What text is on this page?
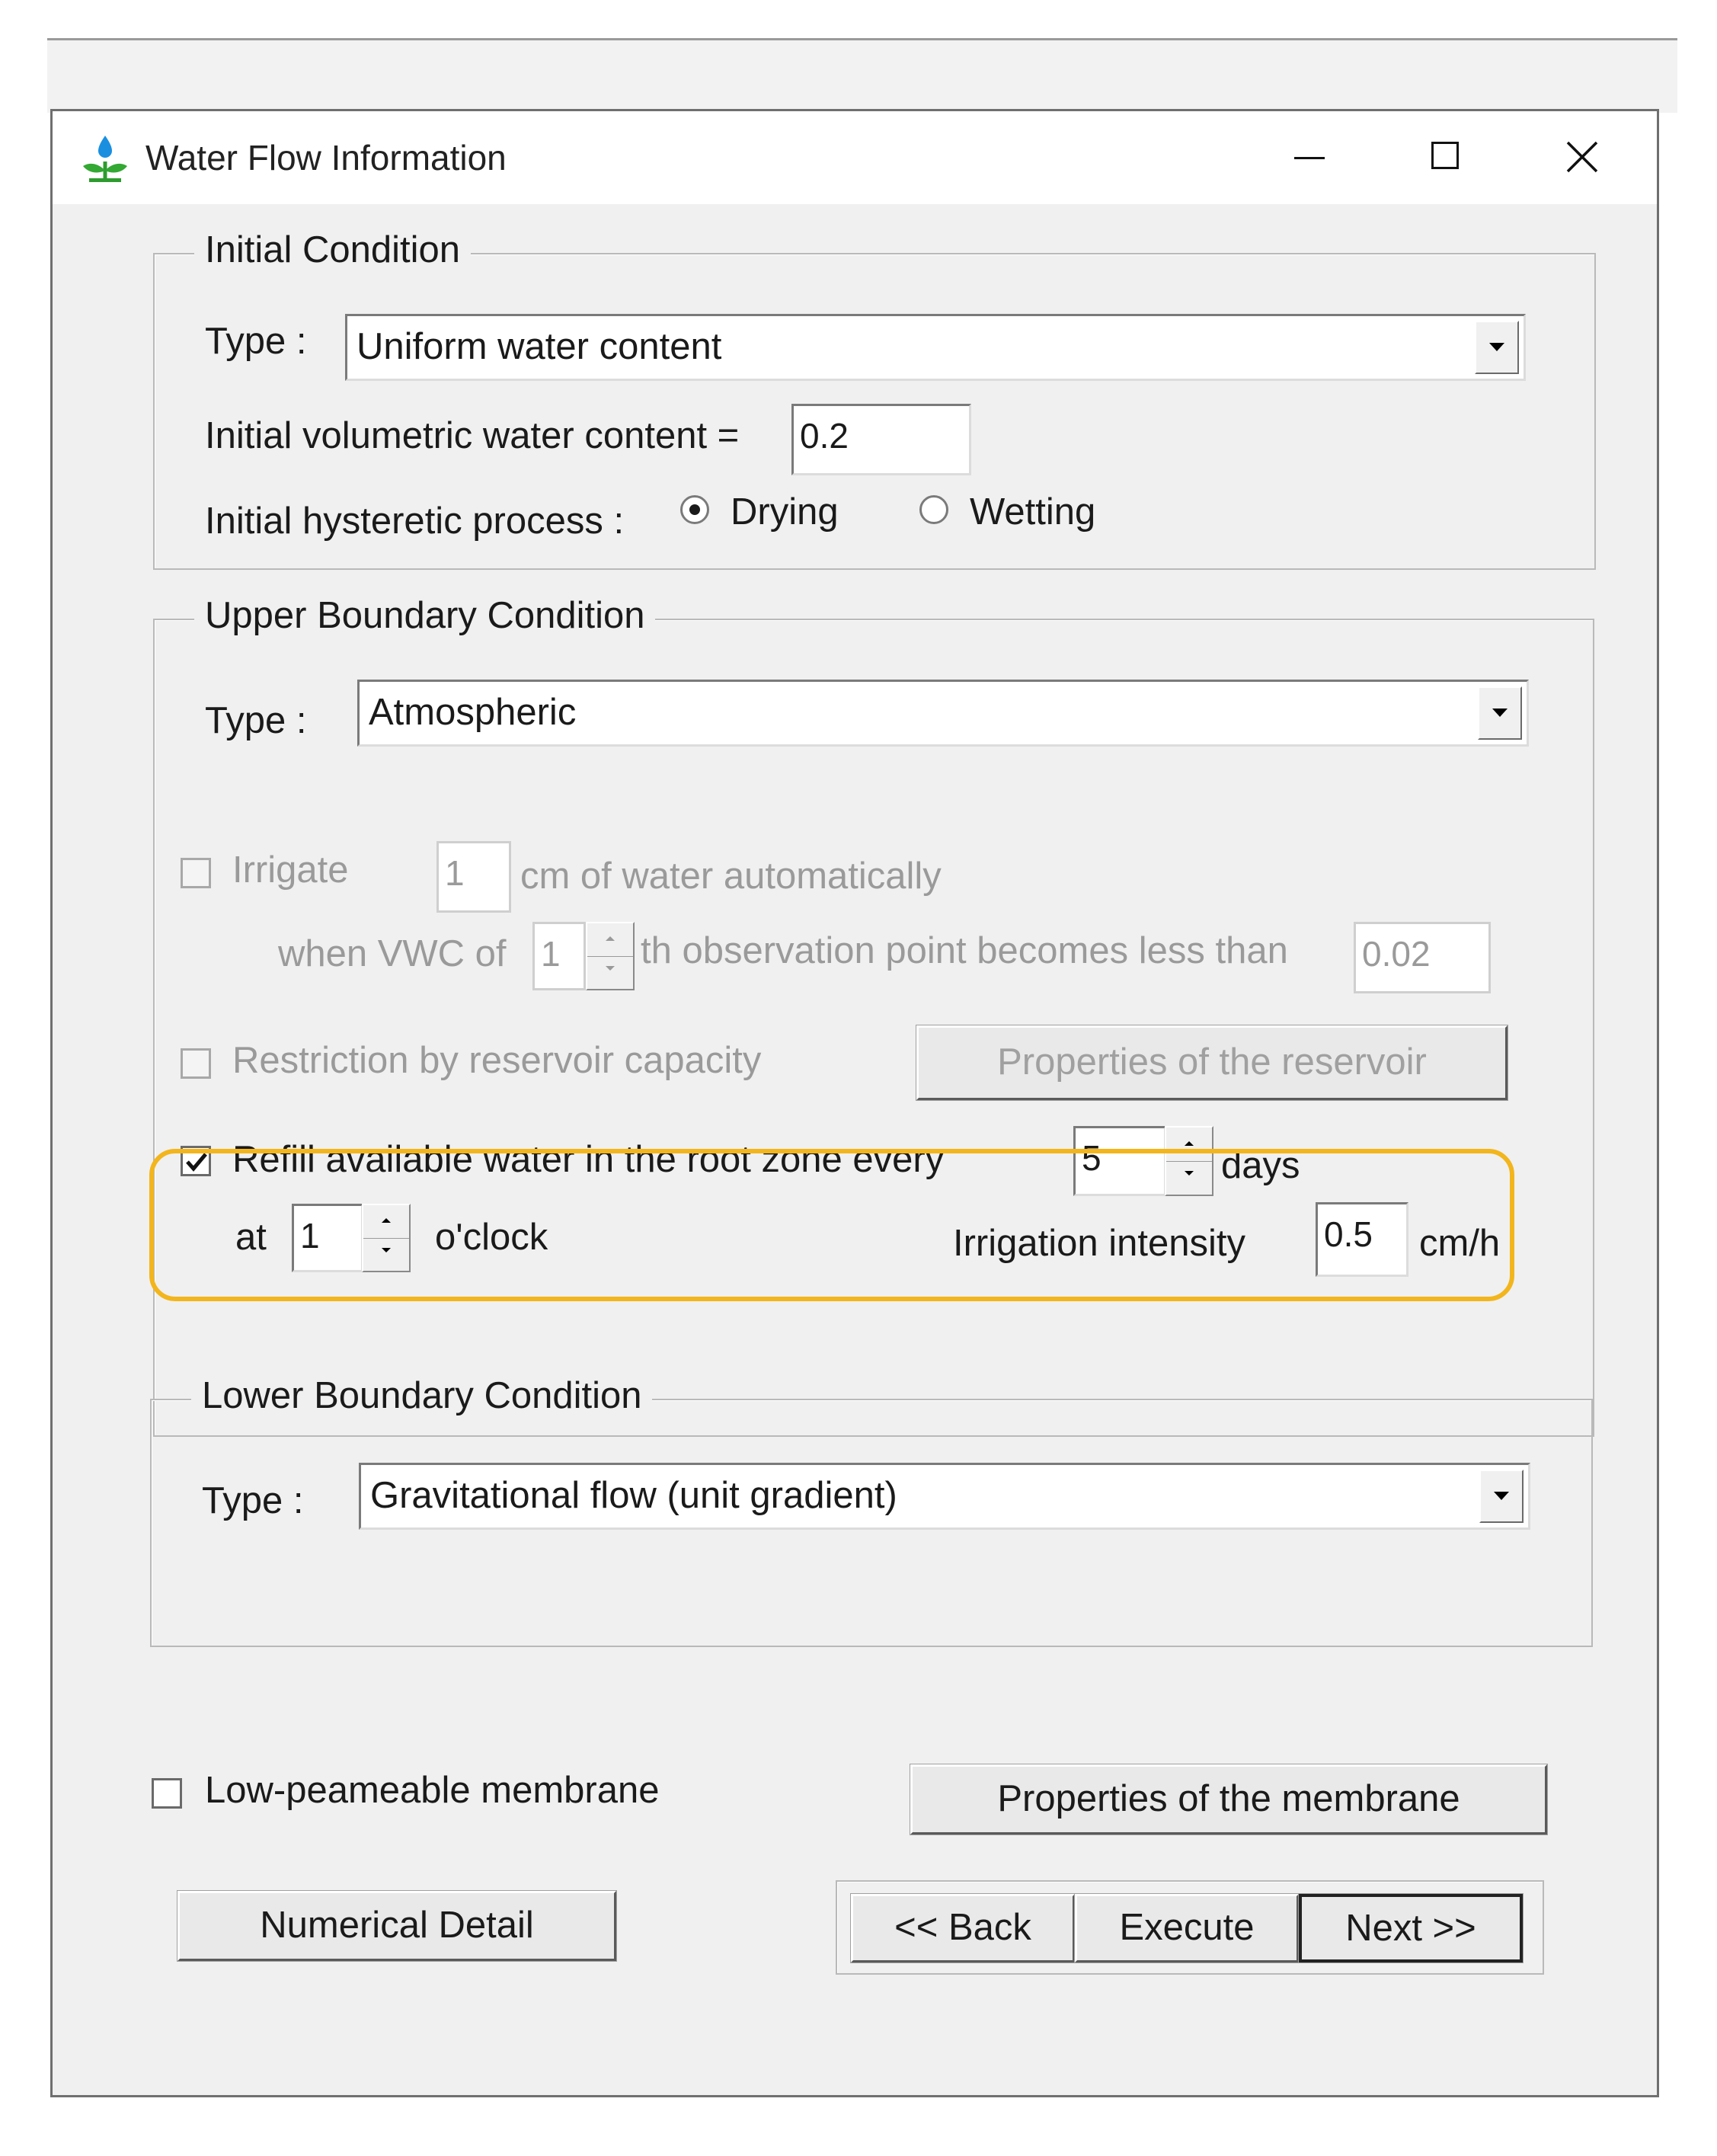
Water Flow Information
Initial Condition
Type : Uniform water content
Initial volumetric water content = 0.2
Initial hysteretic process :	Drying	Wetting
Upper Boundary Condition
Type : Atmospheric
Irrigate	1 cm of water automatically
when VWC of 1 th observation point becomes less than 0.02
Restriction by reservoir capacity	Properties of the reservoir
Refill available water in the root zone every	5	days
at 1	o'clock	Irrigation intensity 0.5 cm/h
Lower Boundary Condition
Type : Gravitational flow (unit gradient)
Low-peameable membrane	Properties of the membrane
Numerical Detail	<< Back	Execute	Next >>
